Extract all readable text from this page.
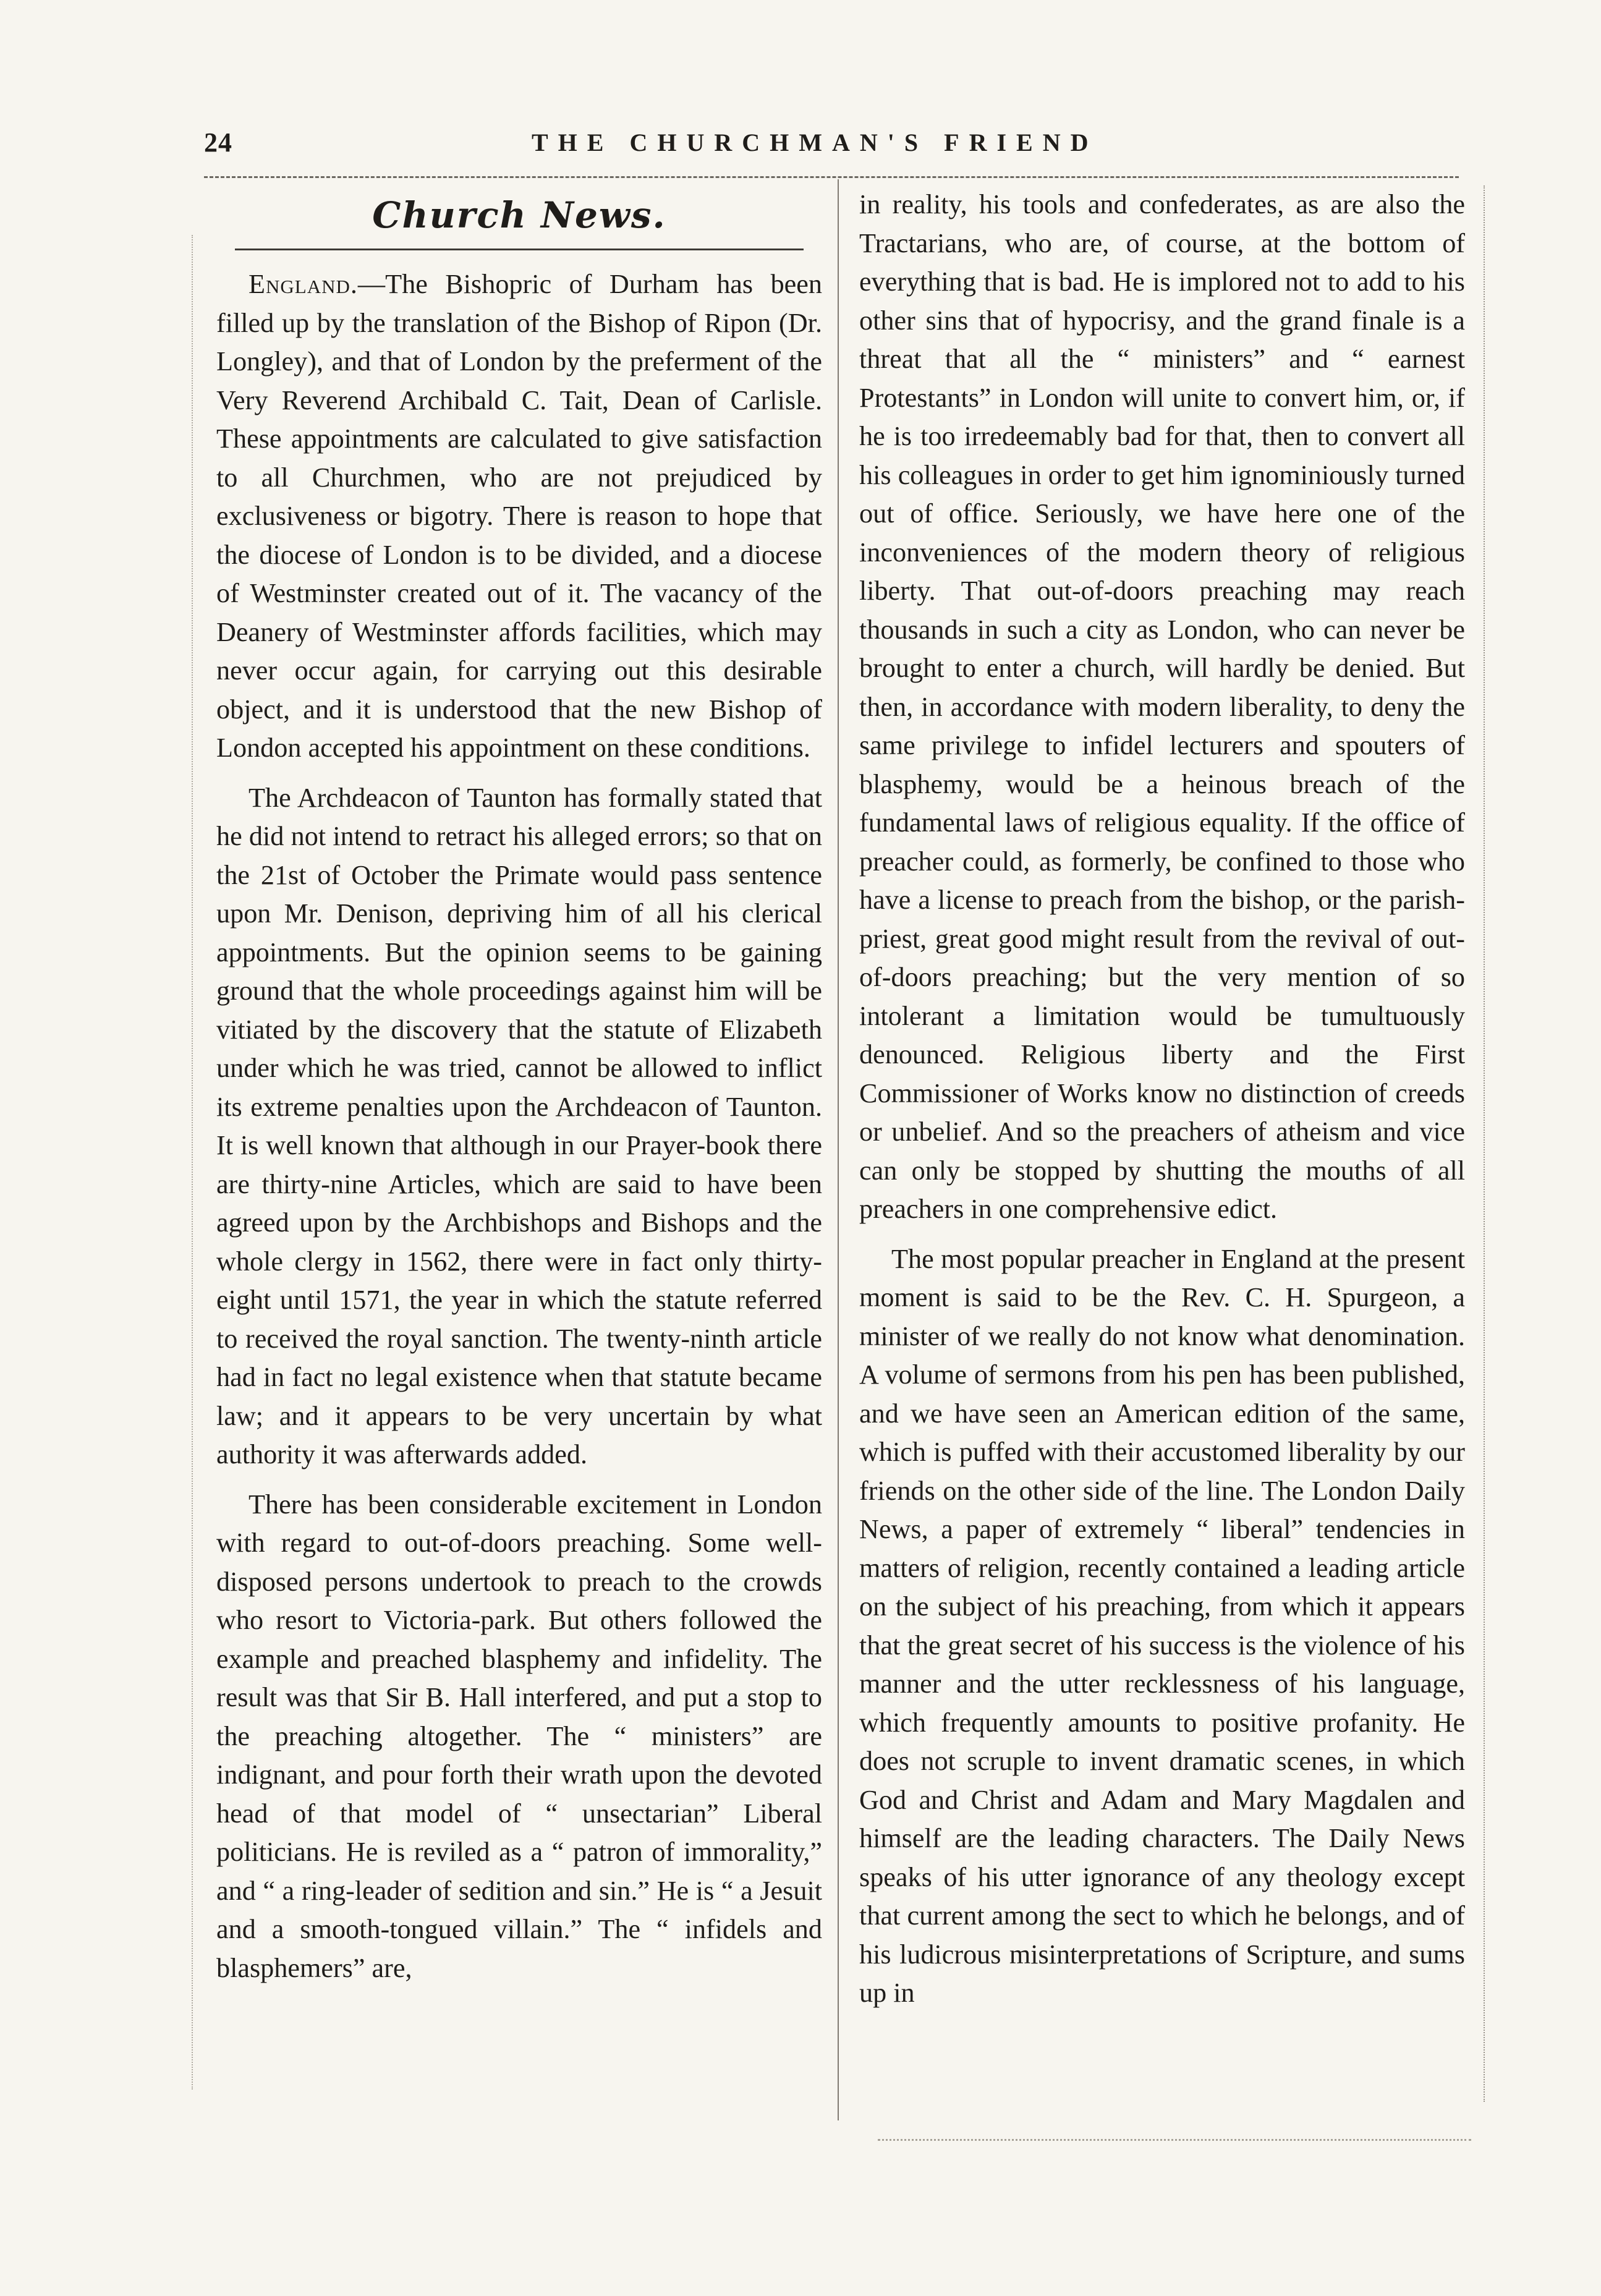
24	THE CHURCHMAN'S FRIEND
Church News.

England.—The Bishopric of Durham has been filled up by the translation of the Bishop of Ripon (Dr. Longley), and that of London by the preferment of the Very Reverend Archibald C. Tait, Dean of Carlisle. These appointments are calculated to give satisfaction to all Churchmen, who are not prejudiced by exclusiveness or bigotry. There is reason to hope that the diocese of London is to be divided, and a diocese of Westminster created out of it. The vacancy of the Deanery of Westminster affords facilities, which may never occur again, for carrying out this desirable object, and it is understood that the new Bishop of London accepted his appointment on these conditions.

The Archdeacon of Taunton has formally stated that he did not intend to retract his alleged errors; so that on the 21st of October the Primate would pass sentence upon Mr. Denison, depriving him of all his clerical appointments. But the opinion seems to be gaining ground that the whole proceedings against him will be vitiated by the discovery that the statute of Elizabeth under which he was tried, cannot be allowed to inflict its extreme penalties upon the Archdeacon of Taunton. It is well known that although in our Prayer-book there are thirty-nine Articles, which are said to have been agreed upon by the Archbishops and Bishops and the whole clergy in 1562, there were in fact only thirty-eight until 1571, the year in which the statute referred to received the royal sanction. The twenty-ninth article had in fact no legal existence when that statute became law; and it appears to be very uncertain by what authority it was afterwards added.

There has been considerable excitement in London with regard to out-of-doors preaching. Some well-disposed persons undertook to preach to the crowds who resort to Victoria-park. But others followed the example and preached blasphemy and infidelity. The result was that Sir B. Hall interfered, and put a stop to the preaching altogether. The “ ministers” are indignant, and pour forth their wrath upon the devoted head of that model of “ unsectarian” Liberal politicians. He is reviled as a “ patron of immorality,” and “ a ring-leader of sedition and sin.” He is “ a Jesuit and a smooth-tongued villain.” The “ infidels and blasphemers” are,

in reality, his tools and confederates, as are also the Tractarians, who are, of course, at the bottom of everything that is bad. He is implored not to add to his other sins that of hypocrisy, and the grand finale is a threat that all the “ ministers” and “ earnest Protestants” in London will unite to convert him, or, if he is too irredeemably bad for that, then to convert all his colleagues in order to get him ignominiously turned out of office. Seriously, we have here one of the inconveniences of the modern theory of religious liberty. That out-of-doors preaching may reach thousands in such a city as London, who can never be brought to enter a church, will hardly be denied. But then, in accordance with modern liberality, to deny the same privilege to infidel lecturers and spouters of blasphemy, would be a heinous breach of the fundamental laws of religious equality. If the office of preacher could, as formerly, be confined to those who have a license to preach from the bishop, or the parish-priest, great good might result from the revival of out-of-doors preaching; but the very mention of so intolerant a limitation would be tumultuously denounced. Religious liberty and the First Commissioner of Works know no distinction of creeds or unbelief. And so the preachers of atheism and vice can only be stopped by shutting the mouths of all preachers in one comprehensive edict.

The most popular preacher in England at the present moment is said to be the Rev. C. H. Spurgeon, a minister of we really do not know what denomination. A volume of sermons from his pen has been published, and we have seen an American edition of the same, which is puffed with their accustomed liberality by our friends on the other side of the line. The London Daily News, a paper of extremely “ liberal” tendencies in matters of religion, recently contained a leading article on the subject of his preaching, from which it appears that the great secret of his success is the violence of his manner and the utter recklessness of his language, which frequently amounts to positive profanity. He does not scruple to invent dramatic scenes, in which God and Christ and Adam and Mary Magdalen and himself are the leading characters. The Daily News speaks of his utter ignorance of any theology except that current among the sect to which he belongs, and of his ludicrous misinterpretations of Scripture, and sums up in
